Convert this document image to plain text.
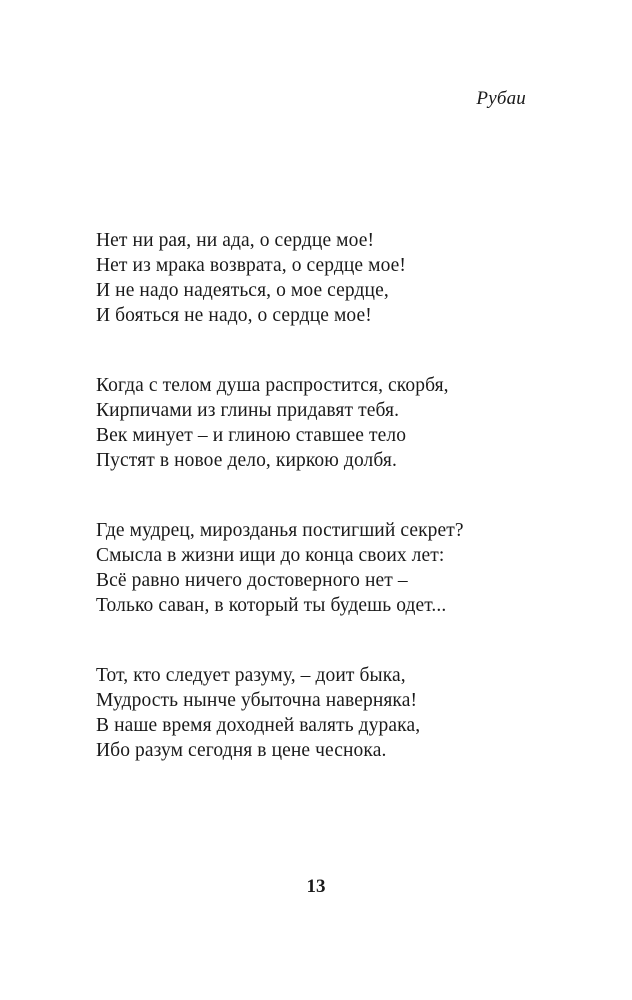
Рубаи
Нет ни рая, ни ада, о сердце мое!
Нет из мрака возврата, о сердце мое!
И не надо надеяться, о мое сердце,
И бояться не надо, о сердце мое!
Когда с телом душа распростится, скорбя,
Кирпичами из глины придавят тебя.
Век минует – и глиною ставшее тело
Пустят в новое дело, киркою долбя.
Где мудрец, мирозданья постигший секрет?
Смысла в жизни ищи до конца своих лет:
Всё равно ничего достоверного нет –
Только саван, в который ты будешь одет...
Тот, кто следует разуму, – доит быка,
Мудрость нынче убыточна наверняка!
В наше время доходней валять дурака,
Ибо разум сегодня в цене чеснока.
13
